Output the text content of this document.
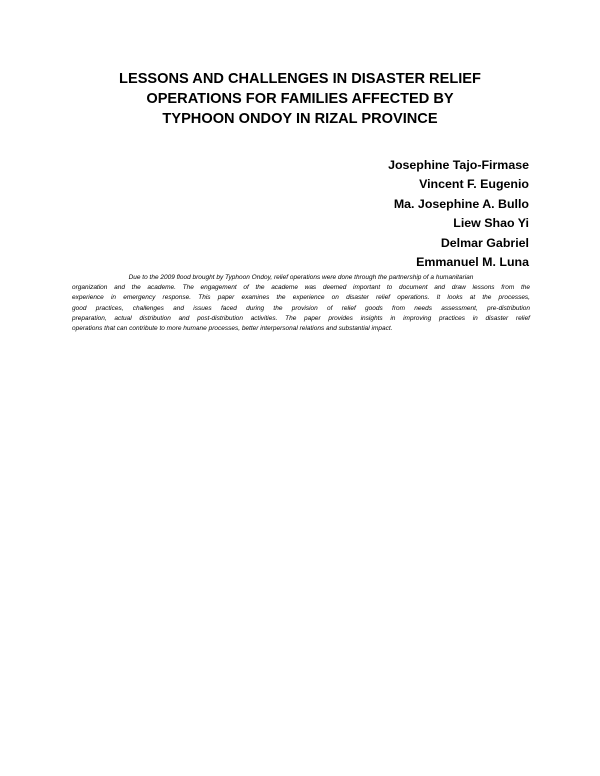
LESSONS AND CHALLENGES IN DISASTER RELIEF
OPERATIONS FOR FAMILIES AFFECTED BY
TYPHOON ONDOY IN RIZAL PROVINCE
Josephine Tajo-Firmase
Vincent F. Eugenio
Ma. Josephine A. Bullo
Liew Shao Yi
Delmar Gabriel
Emmanuel M. Luna
Due to the 2009 flood brought by Typhoon Ondoy, relief operations were done through the partnership of a humanitarian
organization and the academe. The engagement of the academe was deemed important to document and draw lessons from the
experience in emergency response. This paper examines the experience on disaster relief operations. It looks at the processes,
good practices, challenges and issues faced during the provision of relief goods from needs assessment, pre-distribution
preparation, actual distribution and post-distribution activities. The paper provides insights in improving practices in disaster relief
operations that can contribute to more humane processes, better interpersonal relations and substantial impact.
